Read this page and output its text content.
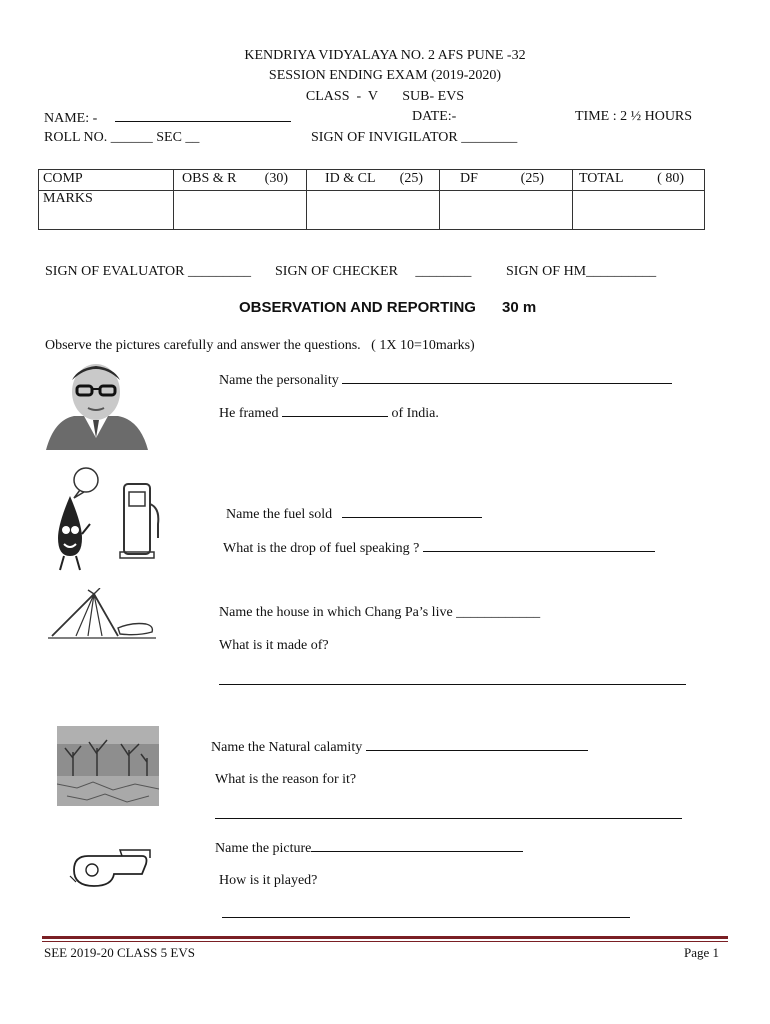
KENDRIYA VIDYALAYA NO. 2 AFS PUNE -32
SESSION ENDING EXAM (2019-2020)
CLASS  -  V       SUB- EVS
NAME: -	DATE:-	TIME : 2 ½ HOURS
ROLL NO. ______ SEC __	SIGN OF INVIGILATOR ________
COMP	OBS & R (30)	ID & CL (25)	DF (25)	TOTAL ( 80)

MARKS				
SIGN OF EVALUATOR _________ SIGN OF CHECKER     ________ SIGN OF HM__________
OBSERVATION AND REPORTING 30 m
Observe the pictures carefully and answer the questions.   ( 1X 10=10marks)
Name the personality
He framed	of India.
Name the fuel sold
What is the drop of fuel speaking ?
Name the house in which Chang Pa’s live ____________
What is it made of?
Name the Natural calamity
What is the reason for it?
Name the picture
How is it played?
SEE 2019-20 CLASS 5 EVS	Page 1
